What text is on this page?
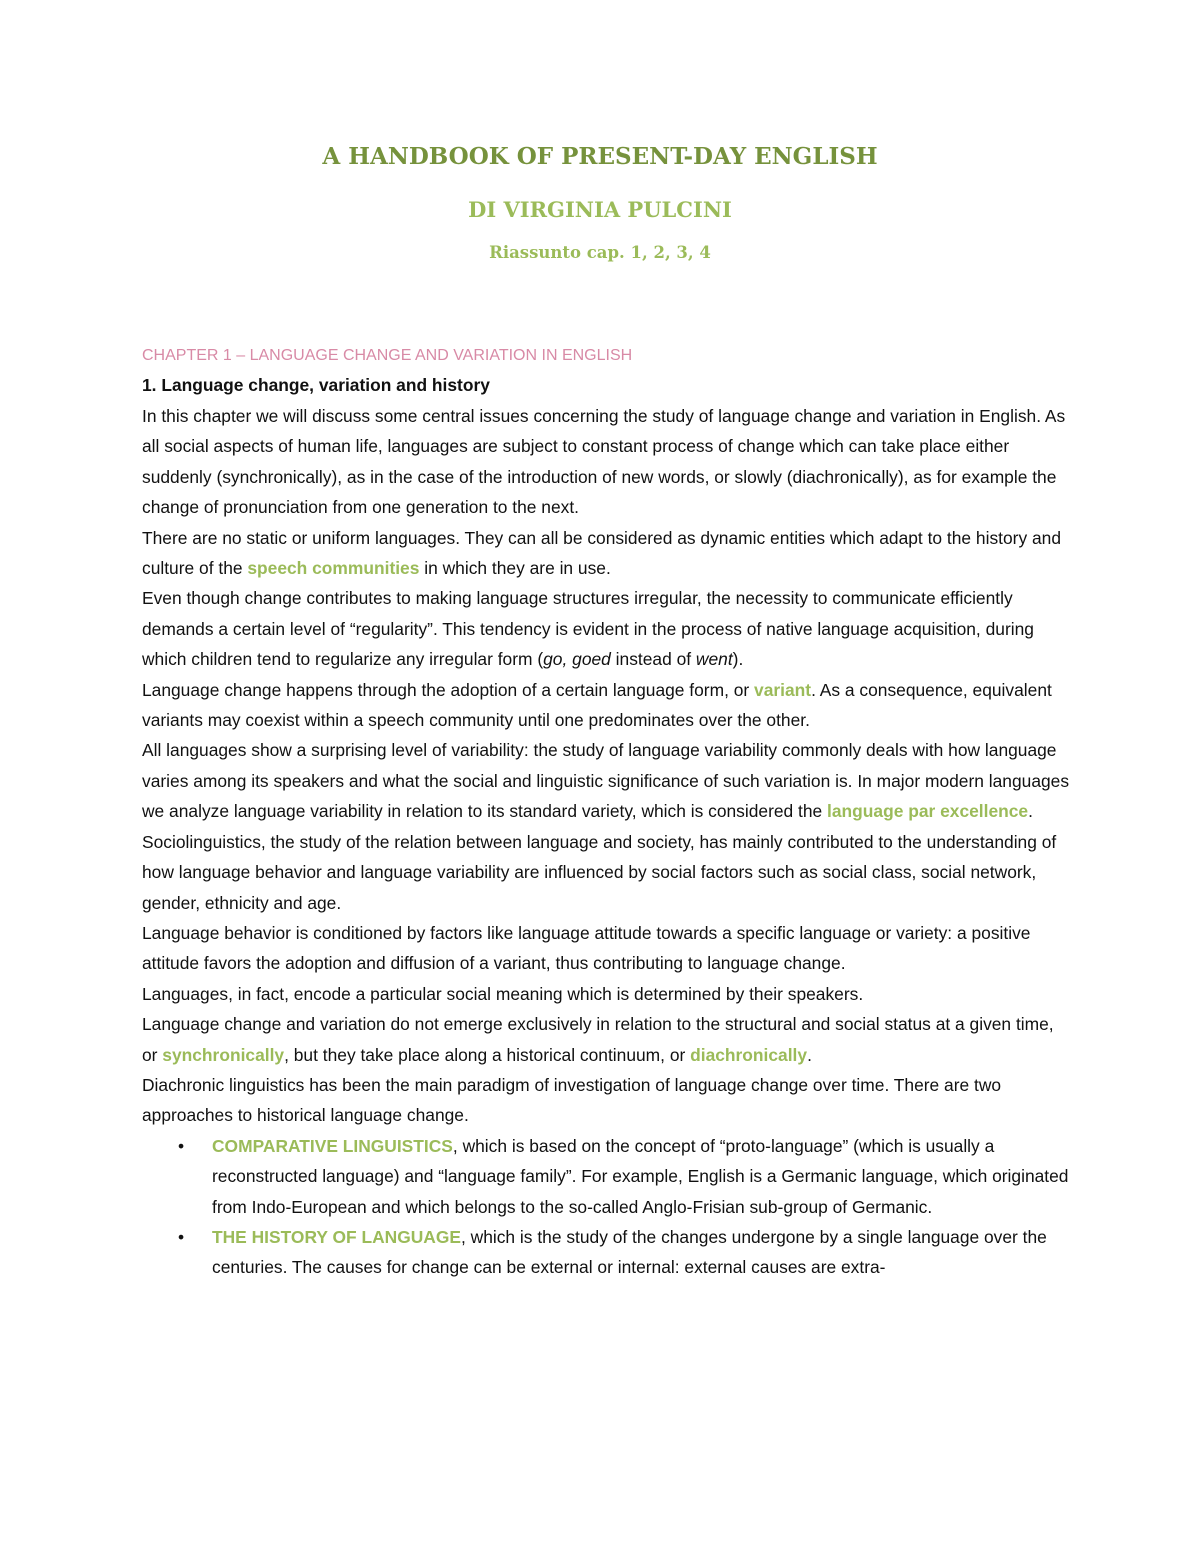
A HANDBOOK OF PRESENT-DAY ENGLISH
DI VIRGINIA PULCINI
Riassunto cap. 1, 2, 3, 4
CHAPTER 1 – LANGUAGE CHANGE AND VARIATION IN ENGLISH
1. Language change, variation and history

In this chapter we will discuss some central issues concerning the study of language change and variation in English. As all social aspects of human life, languages are subject to constant process of change which can take place either suddenly (synchronically), as in the case of the introduction of new words, or slowly (diachronically), as for example the change of pronunciation from one generation to the next.

There are no static or uniform languages. They can all be considered as dynamic entities which adapt to the history and culture of the speech communities in which they are in use.

Even though change contributes to making language structures irregular, the necessity to communicate efficiently demands a certain level of “regularity”. This tendency is evident in the process of native language acquisition, during which children tend to regularize any irregular form (go, goed instead of went).

Language change happens through the adoption of a certain language form, or variant. As a consequence, equivalent variants may coexist within a speech community until one predominates over the other.

All languages show a surprising level of variability: the study of language variability commonly deals with how language varies among its speakers and what the social and linguistic significance of such variation is. In major modern languages we analyze language variability in relation to its standard variety, which is considered the language par excellence.

Sociolinguistics, the study of the relation between language and society, has mainly contributed to the understanding of how language behavior and language variability are influenced by social factors such as social class, social network, gender, ethnicity and age.

Language behavior is conditioned by factors like language attitude towards a specific language or variety: a positive attitude favors the adoption and diffusion of a variant, thus contributing to language change.

Languages, in fact, encode a particular social meaning which is determined by their speakers.

Language change and variation do not emerge exclusively in relation to the structural and social status at a given time, or synchronically, but they take place along a historical continuum, or diachronically.

Diachronic linguistics has been the main paradigm of investigation of language change over time. There are two approaches to historical language change.

• COMPARATIVE LINGUISTICS, which is based on the concept of “proto-language” (which is usually a reconstructed language) and “language family”. For example, English is a Germanic language, which originated from Indo-European and which belongs to the so-called Anglo-Frisian sub-group of Germanic.
• THE HISTORY OF LANGUAGE, which is the study of the changes undergone by a single language over the centuries. The causes for change can be external or internal: external causes are extra-
